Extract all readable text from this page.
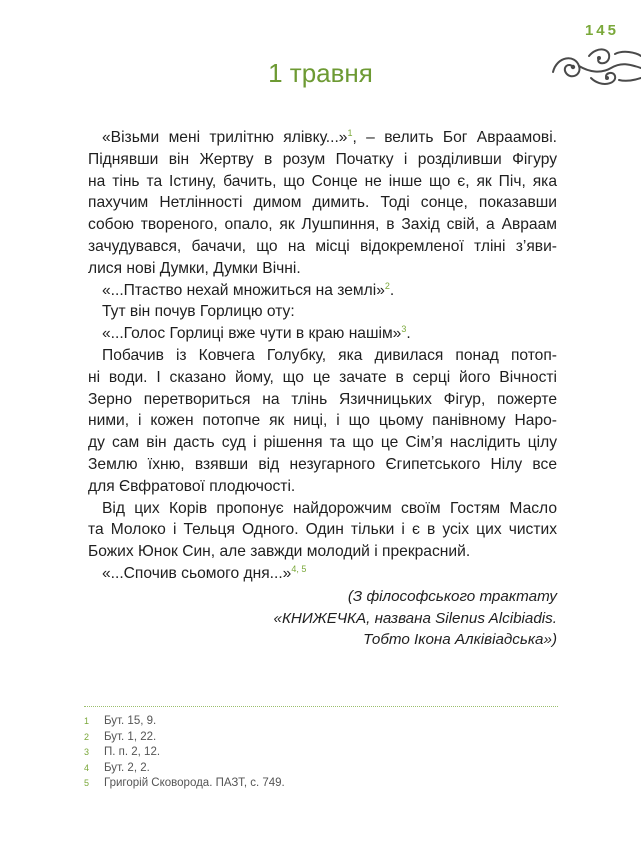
145
1 травня
«Візьми мені трилітню ялівку...»$^1$, – велить Бог Авраамові.
Піднявши він Жертву в розум Початку і розділивши Фігуру
на тінь та Істину, бачить, що Сонце не інше що є, як Піч, яка
пахучим Нетлінності димом димить. Тоді сонце, показавши
собою твореного, опало, як Лушпиння, в Захід свій, а Авраам
зачудувався, бачачи, що на місці відокремленої тліні з’яви-
лися нові Думки, Думки Вічні.
«...Птаство нехай множиться на землі»$^2$.
Тут він почув Горлицю оту:
«...Голос Горлиці вже чути в краю нашім»$^3$.
Побачив із Ковчега Голубку, яка дивилася понад потоп-
ні води. І сказано йому, що це зачате в серці його Вічності
Зерно перетвориться на тлінь Язичницьких Фігур, пожерте
ними, і кожен потопче як ниці, і що цьому панівному Наро-
ду сам він дасть суд і рішення та що це Сім’я наслідить цілу
Землю їхню, взявши від незугарного Єгипетського Нілу все
для Євфратової плодючості.
Від цих Корів пропонує найдорожчим своїм Гостям Масло
та Молоко і Тельця Одного. Один тільки і є в усіх цих чистих
Божих Юнок Син, але завжди молодий і прекрасний.
«...Спочив сьомого дня...»$^{4, 5}$
(З філософського трактату
«КНИЖЕЧКА, названа Silenus Alcibiadis.
Тобто Ікона Алківіадська»)
1	Бут. 15, 9.
2	Бут. 1, 22.
3	П. п. 2, 12.
4	Бут. 2, 2.
5	Григорій Сковорода. ПАЗТ, с. 749.
